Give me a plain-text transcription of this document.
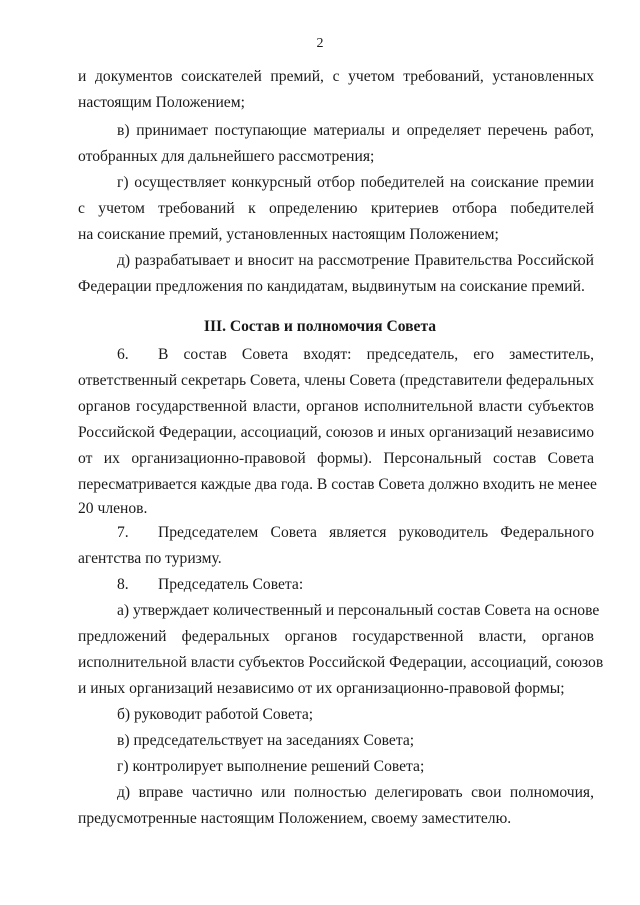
2
и документов соискателей премий, с учетом требований, установленных
настоящим Положением;
в) принимает поступающие материалы и определяет перечень работ,
отобранных для дальнейшего рассмотрения;
г) осуществляет конкурсный отбор победителей на соискание премии
с учетом требований к определению критериев отбора победителей
на соискание премий, установленных настоящим Положением;
д) разрабатывает и вносит на рассмотрение Правительства Российской
Федерации предложения по кандидатам, выдвинутым на соискание премий.
III. Состав и полномочия Совета
6. В состав Совета входят: председатель, его заместитель,
ответственный секретарь Совета, члены Совета (представители федеральных
органов государственной власти, органов исполнительной власти субъектов
Российской Федерации, ассоциаций, союзов и иных организаций независимо
от их организационно-правовой формы). Персональный состав Совета
пересматривается каждые два года. В состав Совета должно входить не менее
20 членов.
7. Председателем Совета является руководитель Федерального
агентства по туризму.
8. Председатель Совета:
а) утверждает количественный и персональный состав Совета на основе
предложений федеральных органов государственной власти, органов
исполнительной власти субъектов Российской Федерации, ассоциаций, союзов
и иных организаций независимо от их организационно-правовой формы;
б) руководит работой Совета;
в) председательствует на заседаниях Совета;
г) контролирует выполнение решений Совета;
д) вправе частично или полностью делегировать свои полномочия,
предусмотренные настоящим Положением, своему заместителю.
